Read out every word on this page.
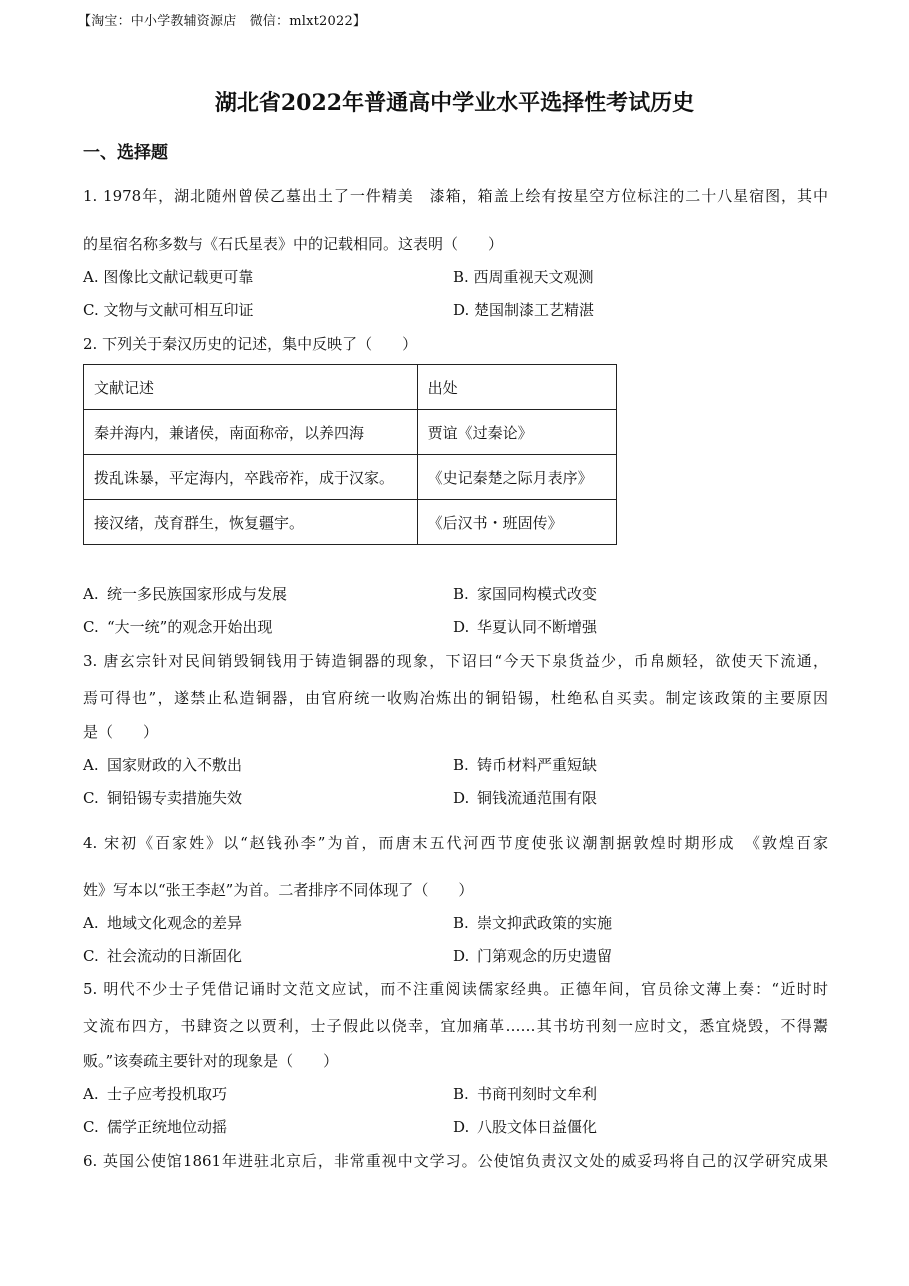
【淘宝：中小学教辅资源店　微信：mlxt2022】
湖北省2022年普通高中学业水平选择性考试历史
一、选择题
1. 1978年，湖北随州曾侯乙墓出土了一件精美　漆箱，箱盖上绘有按星空方位标注的二十八星宿图，其中
的星宿名称多数与《石氏星表》中的记载相同。这表明（　　）
A. 图像比文献记载更可靠	B. 西周重视天文观测
C. 文物与文献可相互印证	D. 楚国制漆工艺精湛
2. 下列关于秦汉历史的记述，集中反映了（　　）
文献记述	出处
秦并海内，兼诸侯，南面称帝，以养四海	贾谊《过秦论》
拨乱诛暴，平定海内，卒践帝祚，成于汉家。	《史记秦楚之际月表序》
接汉绪，茂育群生，恢复疆宇。	《后汉书・班固传》
A. 统一多民族国家形成与发展	B. 家国同构模式改变
C. “大一统”的观念开始出现	D. 华夏认同不断增强
3. 唐玄宗针对民间销毁铜钱用于铸造铜器的现象，下诏曰“今天下泉货益少，币帛颇轻，欲使天下流通，
焉可得也”，遂禁止私造铜器，由官府统一收购冶炼出的铜铅锡，杜绝私自买卖。制定该政策的主要原因
是（　　）
A. 国家财政的入不敷出	B. 铸币材料严重短缺
C. 铜铅锡专卖措施失效	D. 铜钱流通范围有限
4. 宋初《百家姓》以“赵钱孙李”为首，而唐末五代河西节度使张议潮割据敦煌时期形成　《敦煌百家
姓》写本以“张王李赵”为首。二者排序不同体现了（　　）
A. 地域文化观念的差异	B. 崇文抑武政策的实施
C. 社会流动的日渐固化	D. 门第观念的历史遗留
5. 明代不少士子凭借记诵时文范文应试，而不注重阅读儒家经典。正德年间，官员徐文薄上奏：“近时时
文流布四方，书肆资之以贾利，士子假此以侥幸，宜加痛革……其书坊刊刻一应时文，悉宜烧毁，不得鬻
贩。”该奏疏主要针对的现象是（　　）
A. 士子应考投机取巧	B. 书商刊刻时文牟利
C. 儒学正统地位动摇	D. 八股文体日益僵化
6. 英国公使馆1861年进驻北京后，非常重视中文学习。公使馆负责汉文处的威妥玛将自己的汉学研究成果
